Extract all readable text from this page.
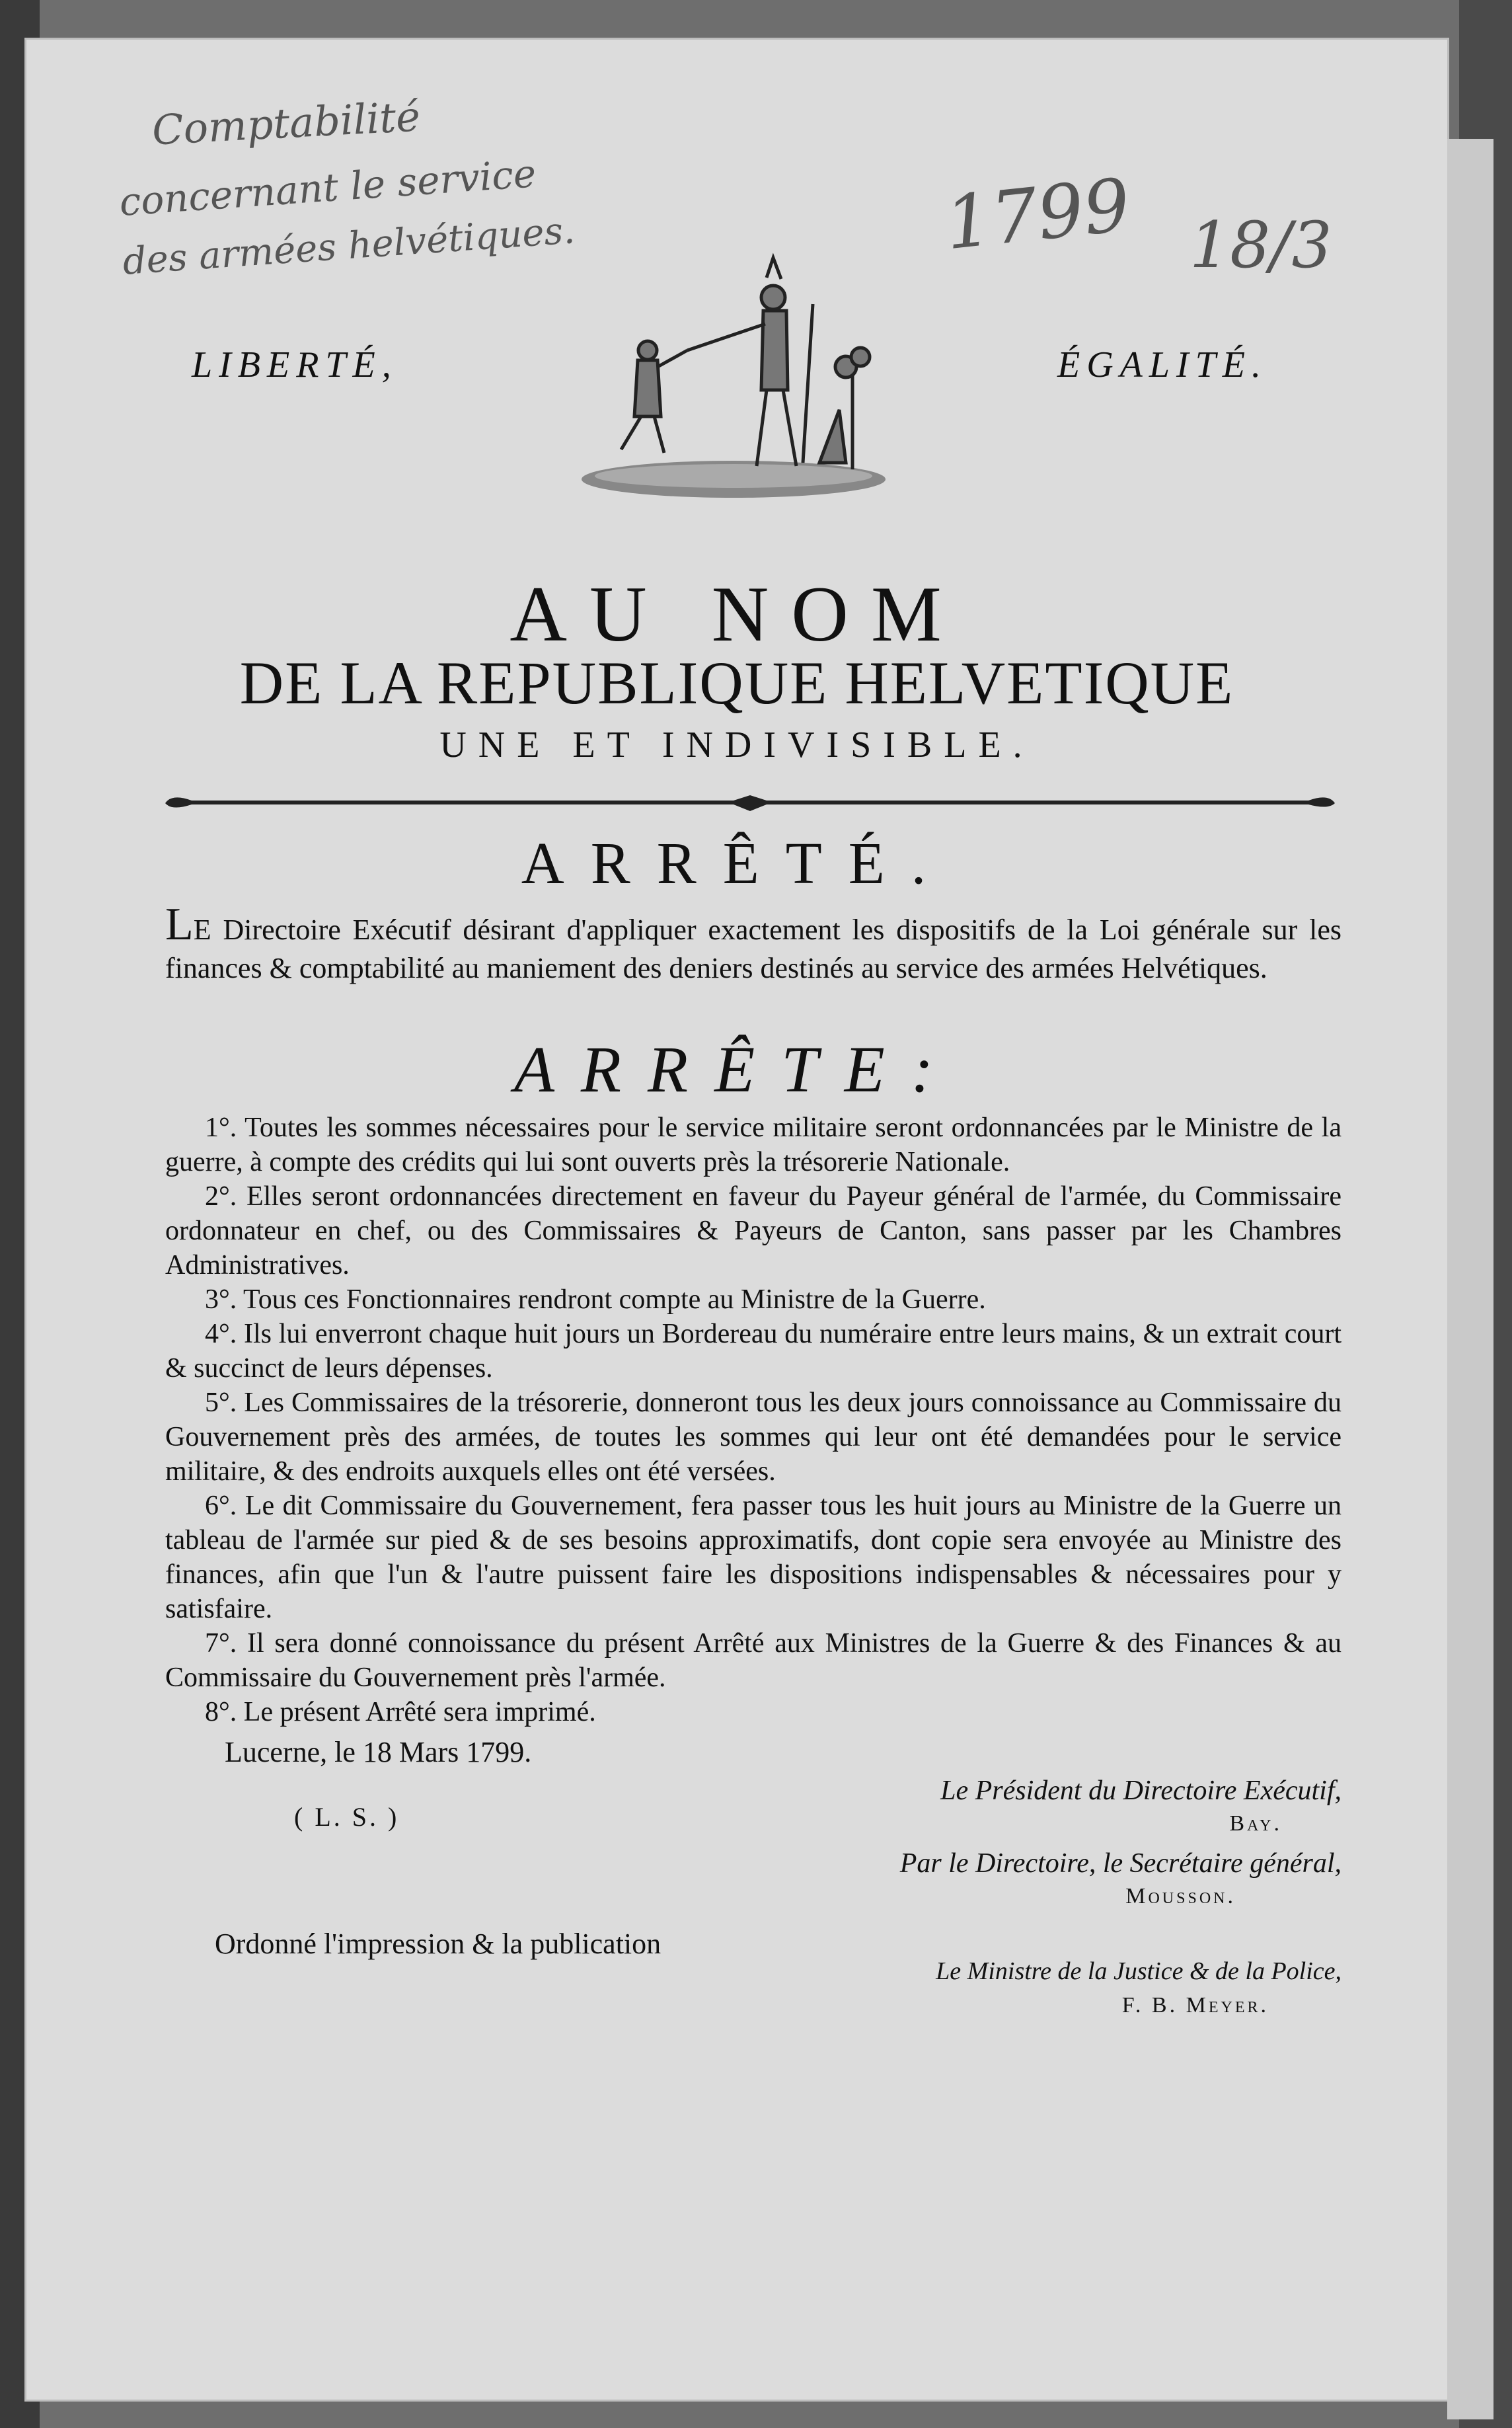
Comptabilité
concernant le service
des armées helvétiques.	1799 18/3
LIBERTÉ,	ÉGALITÉ.
AU NOM
DE LA REPUBLIQUE HELVETIQUE
UNE ET INDIVISIBLE.
ARRÊTÉ.
LE Directoire Exécutif désirant d'appliquer exactement les dispositifs de la Loi générale sur les finances & comptabilité au maniement des deniers destinés au service des armées Helvétiques.
ARRÊTE:

1°. Toutes les sommes nécessaires pour le service militaire seront ordonnancées par le Ministre de la guerre, à compte des crédits qui lui sont ouverts près la trésorerie Nationale.

2°. Elles seront ordonnancées directement en faveur du Payeur général de l'armée, du Commissaire ordonnateur en chef, ou des Commissaires & Payeurs de Canton, sans passer par les Chambres Administratives.

3°. Tous ces Fonctionnaires rendront compte au Ministre de la Guerre.

4°. Ils lui enverront chaque huit jours un Bordereau du numéraire entre leurs mains, & un extrait court & succinct de leurs dépenses.

5°. Les Commissaires de la trésorerie, donneront tous les deux jours connoissance au Commissaire du Gouvernement près des armées, de toutes les sommes qui leur ont été demandées pour le service militaire, & des endroits auxquels elles ont été versées.

6°. Le dit Commissaire du Gouvernement, fera passer tous les huit jours au Ministre de la Guerre un tableau de l'armée sur pied & de ses besoins approximatifs, dont copie sera envoyée au Ministre des finances, afin que l'un & l'autre puissent faire les dispositions indispensables & nécessaires pour y satisfaire.

7°. Il sera donné connoissance du présent Arrêté aux Ministres de la Guerre & des Finances & au Commissaire du Gouvernement près l'armée.

8°. Le présent Arrêté sera imprimé.

Lucerne, le 18 Mars 1799.
( L. S. )
Le Président du Directoire Exécutif,
Bay.
Par le Directoire, le Secrétaire général,
Mousson.
Ordonné l'impression & la publication
Le Ministre de la Justice & de la Police,
F. B. Meyer.
